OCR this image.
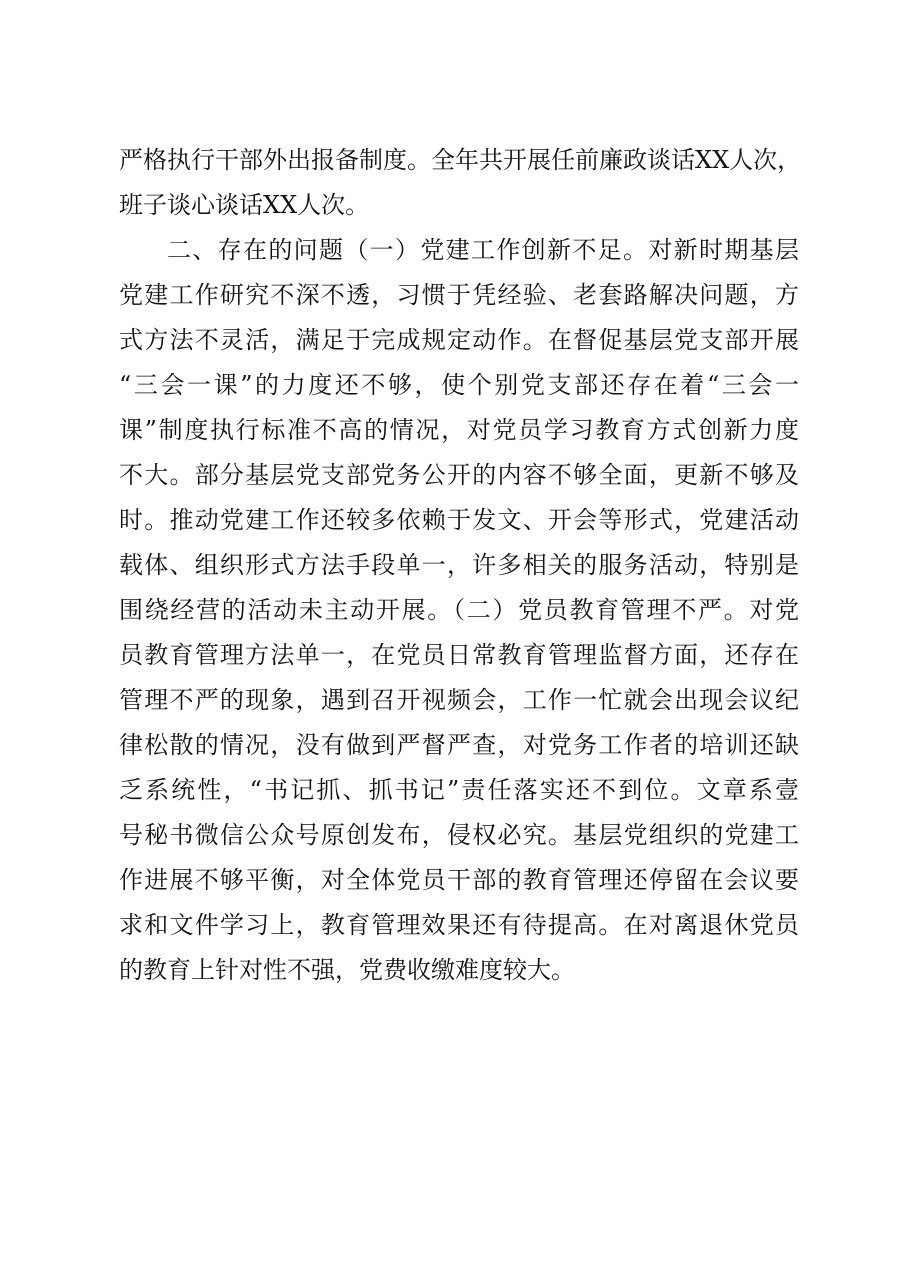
严格执行干部外出报备制度。全年共开展任前廉政谈话XX人次，
班子谈心谈话XX人次。
二、存在的问题（一）党建工作创新不足。对新时期基层
党建工作研究不深不透，习惯于凭经验、老套路解决问题，方
式方法不灵活，满足于完成规定动作。在督促基层党支部开展
“三会一课”的力度还不够，使个别党支部还存在着“三会一
课”制度执行标准不高的情况，对党员学习教育方式创新力度
不大。部分基层党支部党务公开的内容不够全面，更新不够及
时。推动党建工作还较多依赖于发文、开会等形式，党建活动
载体、组织形式方法手段单一，许多相关的服务活动，特别是
围绕经营的活动未主动开展。（二）党员教育管理不严。对党
员教育管理方法单一，在党员日常教育管理监督方面，还存在
管理不严的现象，遇到召开视频会，工作一忙就会出现会议纪
律松散的情况，没有做到严督严查，对党务工作者的培训还缺
乏系统性，“书记抓、抓书记”责任落实还不到位。文章系壹
号秘书微信公众号原创发布，侵权必究。基层党组织的党建工
作进展不够平衡，对全体党员干部的教育管理还停留在会议要
求和文件学习上，教育管理效果还有待提高。在对离退休党员
的教育上针对性不强，党费收缴难度较大。
